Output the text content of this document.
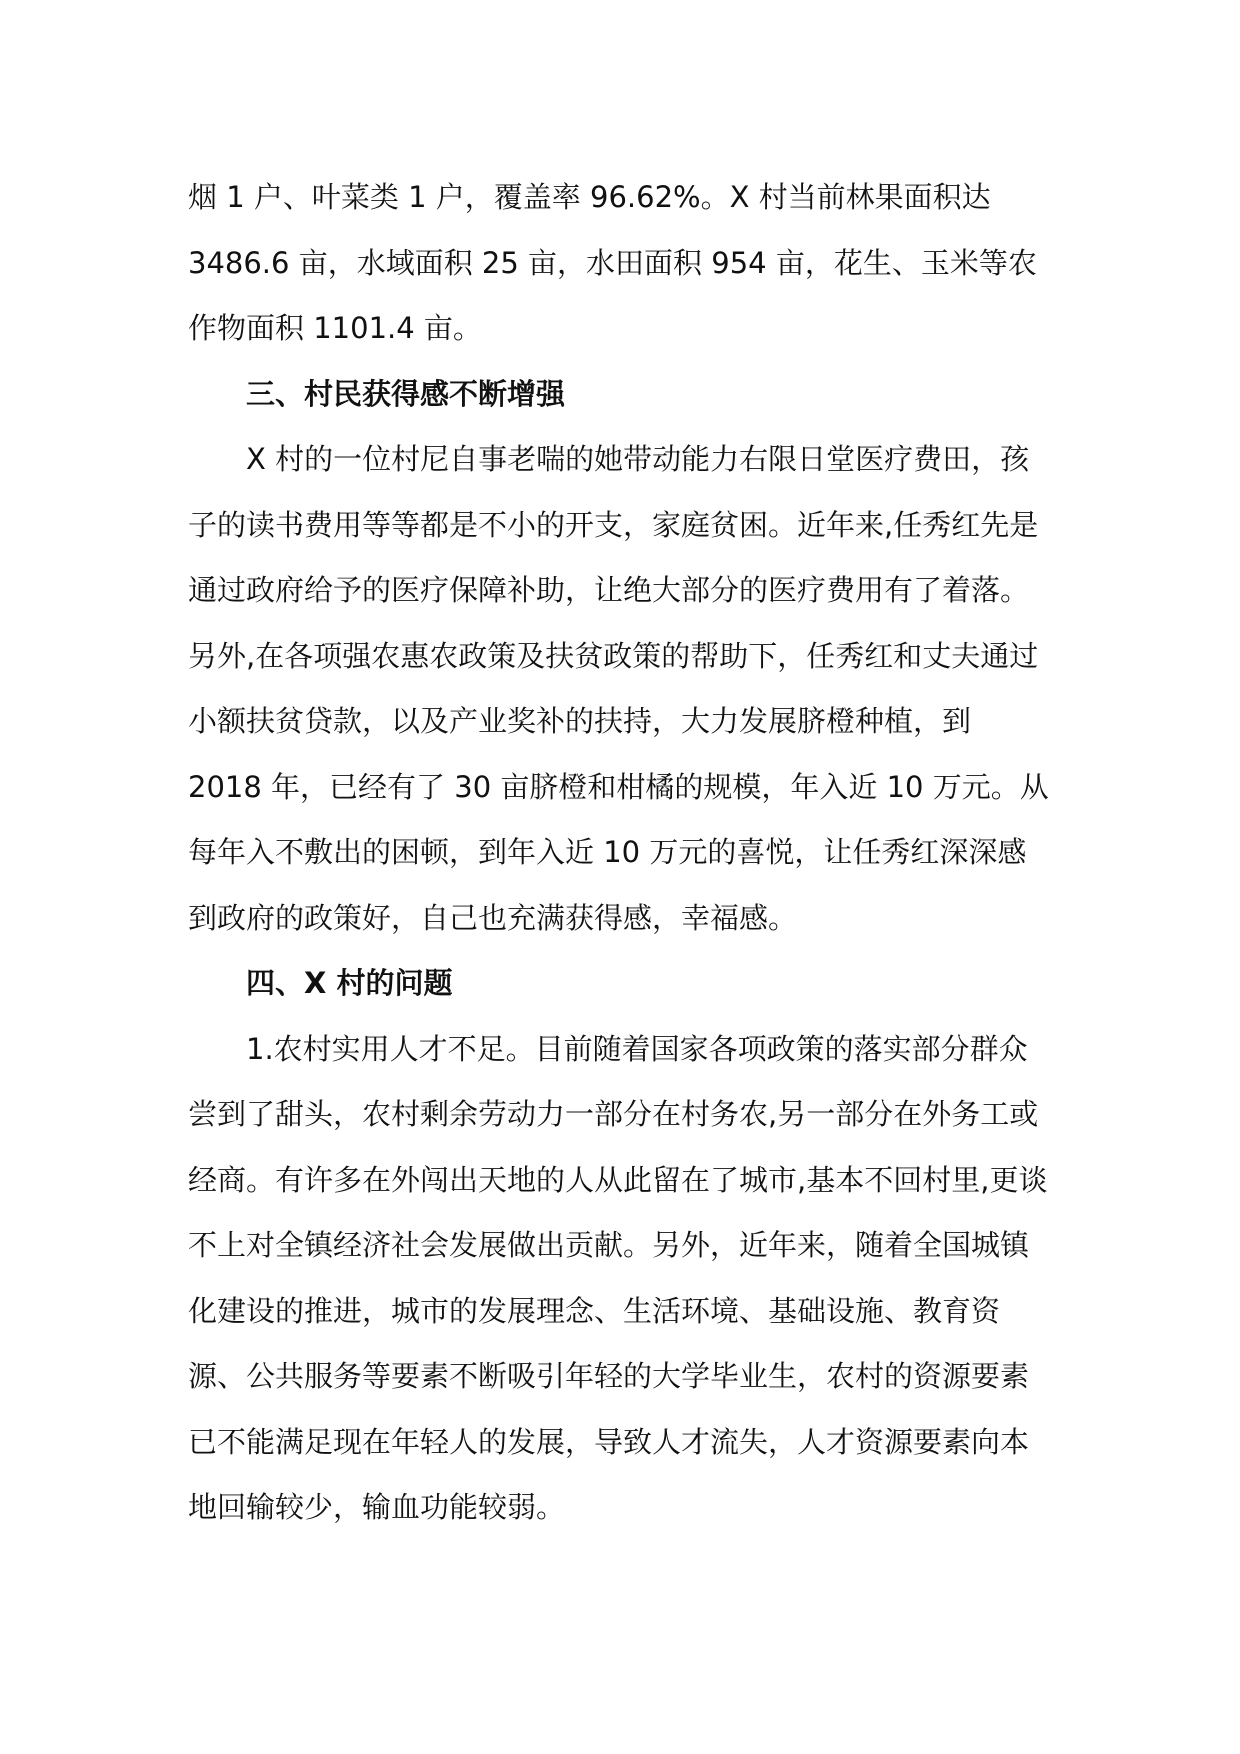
烟 1 户、叶菜类 1 户，覆盖率 96.62%。X 村当前林果面积达
3486.6 亩，水域面积 25 亩，水田面积 954 亩，花生、玉米等农
作物面积 1101.4 亩。

三、村民获得感不断增强

X 村的一位村尼自事老喘的她带动能力右限日堂医疗费田，孩
子的读书费用等等都是不小的开支，家庭贫困。近年来,任秀红先是
通过政府给予的医疗保障补助，让绝大部分的医疗费用有了着落。
另外,在各项强农惠农政策及扶贫政策的帮助下，任秀红和丈夫通过
小额扶贫贷款，以及产业奖补的扶持，大力发展脐橙种植，到
2018 年，已经有了 30 亩脐橙和柑橘的规模，年入近 10 万元。从
每年入不敷出的困顿，到年入近 10 万元的喜悦，让任秀红深深感
到政府的政策好，自己也充满获得感，幸福感。

四、X 村的问题

1.农村实用人才不足。目前随着国家各项政策的落实部分群众
尝到了甜头，农村剩余劳动力一部分在村务农,另一部分在外务工或
经商。有许多在外闯出天地的人从此留在了城市,基本不回村里,更谈
不上对全镇经济社会发展做出贡献。另外，近年来，随着全国城镇
化建设的推进，城市的发展理念、生活环境、基础设施、教育资
源、公共服务等要素不断吸引年轻的大学毕业生，农村的资源要素
已不能满足现在年轻人的发展，导致人才流失，人才资源要素向本
地回输较少，输血功能较弱。
